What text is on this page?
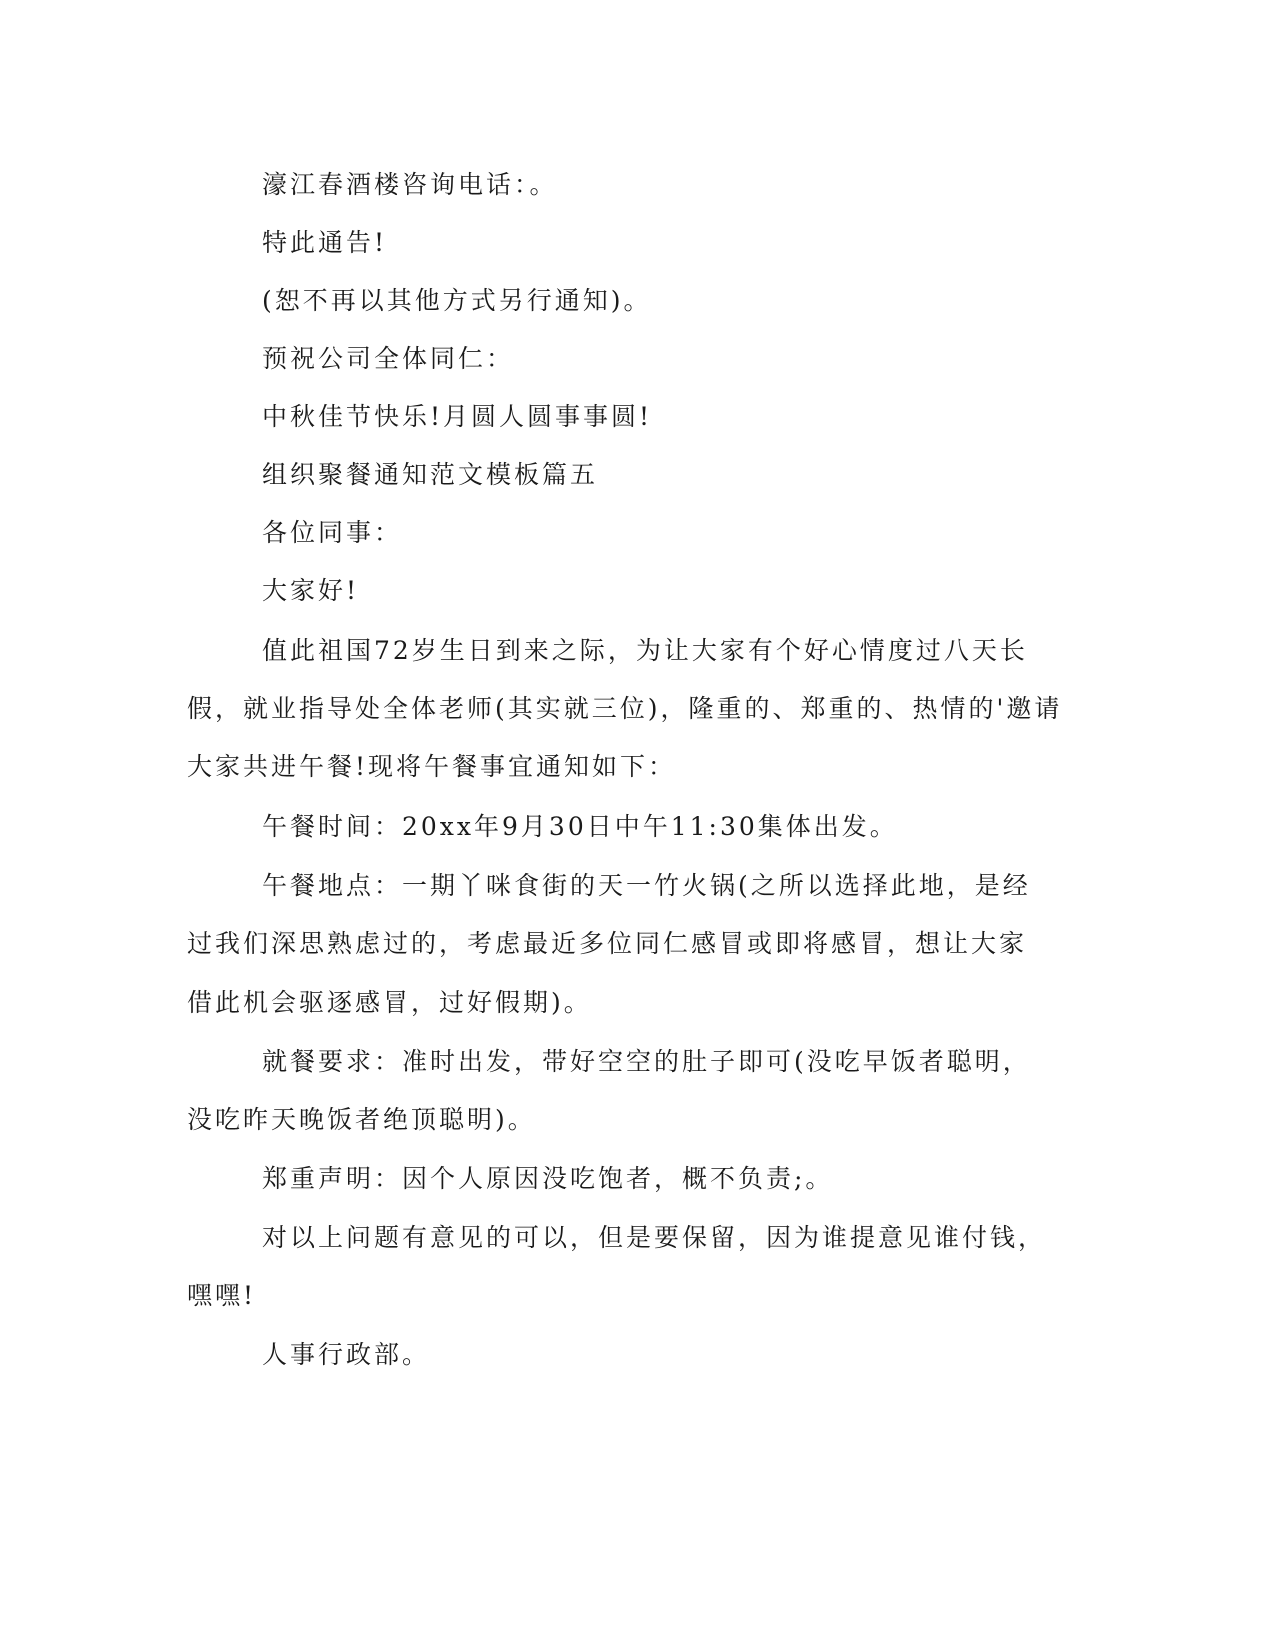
濠江春酒楼咨询电话：。
特此通告!
(恕不再以其他方式另行通知)。
预祝公司全体同仁：
中秋佳节快乐!月圆人圆事事圆!
组织聚餐通知范文模板篇五
各位同事：
大家好!
值此祖国72岁生日到来之际，为让大家有个好心情度过八天长
假，就业指导处全体老师(其实就三位)，隆重的、郑重的、热情的'邀请
大家共进午餐!现将午餐事宜通知如下：
午餐时间：20xx年9月30日中午11:30集体出发。
午餐地点：一期丫咪食街的天一竹火锅(之所以选择此地，是经
过我们深思熟虑过的，考虑最近多位同仁感冒或即将感冒，想让大家
借此机会驱逐感冒，过好假期)。
就餐要求：准时出发，带好空空的肚子即可(没吃早饭者聪明，
没吃昨天晚饭者绝顶聪明)。
郑重声明：因个人原因没吃饱者，概不负责;。
对以上问题有意见的可以，但是要保留，因为谁提意见谁付钱，
嘿嘿!
人事行政部。
